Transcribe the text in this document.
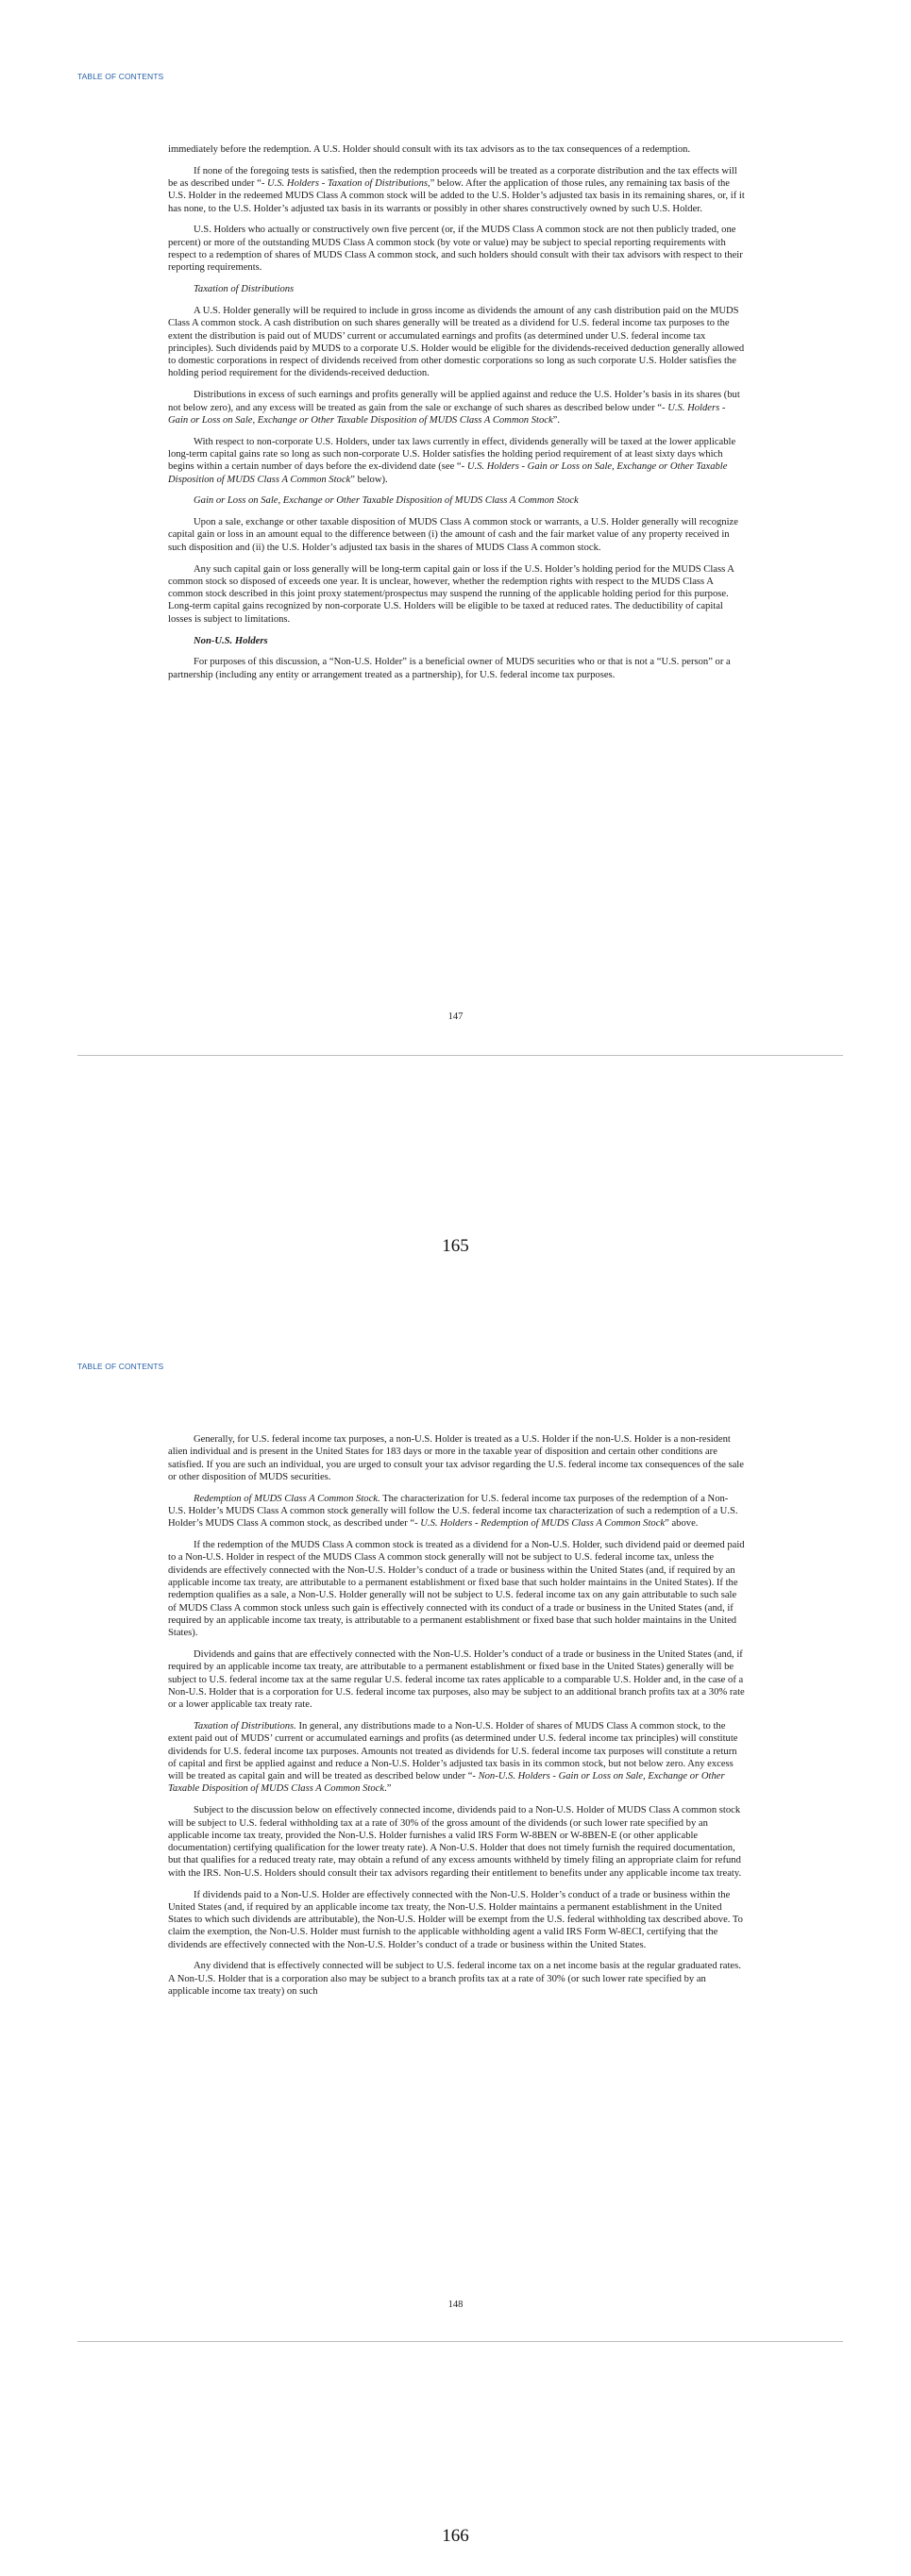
TABLE OF CONTENTS

immediately before the redemption. A U.S. Holder should consult with its tax advisors as to the tax consequences of a redemption.

If none of the foregoing tests is satisfied, then the redemption proceeds will be treated as a corporate distribution and the tax effects will be as described under “- U.S. Holders - Taxation of Distributions,” below. After the application of those rules, any remaining tax basis of the U.S. Holder in the redeemed MUDS Class A common stock will be added to the U.S. Holder’s adjusted tax basis in its remaining shares, or, if it has none, to the U.S. Holder’s adjusted tax basis in its warrants or possibly in other shares constructively owned by such U.S. Holder.

U.S. Holders who actually or constructively own five percent (or, if the MUDS Class A common stock are not then publicly traded, one percent) or more of the outstanding MUDS Class A common stock (by vote or value) may be subject to special reporting requirements with respect to a redemption of shares of MUDS Class A common stock, and such holders should consult with their tax advisors with respect to their reporting requirements.

Taxation of Distributions

A U.S. Holder generally will be required to include in gross income as dividends the amount of any cash distribution paid on the MUDS Class A common stock. A cash distribution on such shares generally will be treated as a dividend for U.S. federal income tax purposes to the extent the distribution is paid out of MUDS’ current or accumulated earnings and profits (as determined under U.S. federal income tax principles). Such dividends paid by MUDS to a corporate U.S. Holder would be eligible for the dividends-received deduction generally allowed to domestic corporations in respect of dividends received from other domestic corporations so long as such corporate U.S. Holder satisfies the holding period requirement for the dividends-received deduction.

Distributions in excess of such earnings and profits generally will be applied against and reduce the U.S. Holder’s basis in its shares (but not below zero), and any excess will be treated as gain from the sale or exchange of such shares as described below under “- U.S. Holders - Gain or Loss on Sale, Exchange or Other Taxable Disposition of MUDS Class A Common Stock”.

With respect to non-corporate U.S. Holders, under tax laws currently in effect, dividends generally will be taxed at the lower applicable long-term capital gains rate so long as such non-corporate U.S. Holder satisfies the holding period requirement of at least sixty days which begins within a certain number of days before the ex-dividend date (see “- U.S. Holders - Gain or Loss on Sale, Exchange or Other Taxable Disposition of MUDS Class A Common Stock” below).

Gain or Loss on Sale, Exchange or Other Taxable Disposition of MUDS Class A Common Stock

Upon a sale, exchange or other taxable disposition of MUDS Class A common stock or warrants, a U.S. Holder generally will recognize capital gain or loss in an amount equal to the difference between (i) the amount of cash and the fair market value of any property received in such disposition and (ii) the U.S. Holder’s adjusted tax basis in the shares of MUDS Class A common stock.

Any such capital gain or loss generally will be long-term capital gain or loss if the U.S. Holder’s holding period for the MUDS Class A common stock so disposed of exceeds one year. It is unclear, however, whether the redemption rights with respect to the MUDS Class A common stock described in this joint proxy statement/prospectus may suspend the running of the applicable holding period for this purpose. Long-term capital gains recognized by non-corporate U.S. Holders will be eligible to be taxed at reduced rates. The deductibility of capital losses is subject to limitations.

Non-U.S. Holders

For purposes of this discussion, a “Non-U.S. Holder” is a beneficial owner of MUDS securities who or that is not a “U.S. person” or a partnership (including any entity or arrangement treated as a partnership), for U.S. federal income tax purposes.

147
165
TABLE OF CONTENTS

Generally, for U.S. federal income tax purposes, a non-U.S. Holder is treated as a U.S. Holder if the non-U.S. Holder is a non-resident alien individual and is present in the United States for 183 days or more in the taxable year of disposition and certain other conditions are satisfied. If you are such an individual, you are urged to consult your tax advisor regarding the U.S. federal income tax consequences of the sale or other disposition of MUDS securities.

Redemption of MUDS Class A Common Stock. The characterization for U.S. federal income tax purposes of the redemption of a Non-U.S. Holder’s MUDS Class A common stock generally will follow the U.S. federal income tax characterization of such a redemption of a U.S. Holder’s MUDS Class A common stock, as described under “- U.S. Holders - Redemption of MUDS Class A Common Stock” above.

If the redemption of the MUDS Class A common stock is treated as a dividend for a Non-U.S. Holder, such dividend paid or deemed paid to a Non-U.S. Holder in respect of the MUDS Class A common stock generally will not be subject to U.S. federal income tax, unless the dividends are effectively connected with the Non-U.S. Holder’s conduct of a trade or business within the United States (and, if required by an applicable income tax treaty, are attributable to a permanent establishment or fixed base that such holder maintains in the United States). If the redemption qualifies as a sale, a Non-U.S. Holder generally will not be subject to U.S. federal income tax on any gain attributable to such sale of MUDS Class A common stock unless such gain is effectively connected with its conduct of a trade or business in the United States (and, if required by an applicable income tax treaty, is attributable to a permanent establishment or fixed base that such holder maintains in the United States).

Dividends and gains that are effectively connected with the Non-U.S. Holder’s conduct of a trade or business in the United States (and, if required by an applicable income tax treaty, are attributable to a permanent establishment or fixed base in the United States) generally will be subject to U.S. federal income tax at the same regular U.S. federal income tax rates applicable to a comparable U.S. Holder and, in the case of a Non-U.S. Holder that is a corporation for U.S. federal income tax purposes, also may be subject to an additional branch profits tax at a 30% rate or a lower applicable tax treaty rate.

Taxation of Distributions. In general, any distributions made to a Non-U.S. Holder of shares of MUDS Class A common stock, to the extent paid out of MUDS’ current or accumulated earnings and profits (as determined under U.S. federal income tax principles) will constitute dividends for U.S. federal income tax purposes. Amounts not treated as dividends for U.S. federal income tax purposes will constitute a return of capital and first be applied against and reduce a Non-U.S. Holder’s adjusted tax basis in its common stock, but not below zero. Any excess will be treated as capital gain and will be treated as described below under “- Non-U.S. Holders - Gain or Loss on Sale, Exchange or Other Taxable Disposition of MUDS Class A Common Stock.”

Subject to the discussion below on effectively connected income, dividends paid to a Non-U.S. Holder of MUDS Class A common stock will be subject to U.S. federal withholding tax at a rate of 30% of the gross amount of the dividends (or such lower rate specified by an applicable income tax treaty, provided the Non-U.S. Holder furnishes a valid IRS Form W-8BEN or W-8BEN-E (or other applicable documentation) certifying qualification for the lower treaty rate). A Non-U.S. Holder that does not timely furnish the required documentation, but that qualifies for a reduced treaty rate, may obtain a refund of any excess amounts withheld by timely filing an appropriate claim for refund with the IRS. Non-U.S. Holders should consult their tax advisors regarding their entitlement to benefits under any applicable income tax treaty.

If dividends paid to a Non-U.S. Holder are effectively connected with the Non-U.S. Holder’s conduct of a trade or business within the United States (and, if required by an applicable income tax treaty, the Non-U.S. Holder maintains a permanent establishment in the United States to which such dividends are attributable), the Non-U.S. Holder will be exempt from the U.S. federal withholding tax described above. To claim the exemption, the Non-U.S. Holder must furnish to the applicable withholding agent a valid IRS Form W-8ECI, certifying that the dividends are effectively connected with the Non-U.S. Holder’s conduct of a trade or business within the United States.

Any dividend that is effectively connected will be subject to U.S. federal income tax on a net income basis at the regular graduated rates. A Non-U.S. Holder that is a corporation also may be subject to a branch profits tax at a rate of 30% (or such lower rate specified by an applicable income tax treaty) on such

148
166
